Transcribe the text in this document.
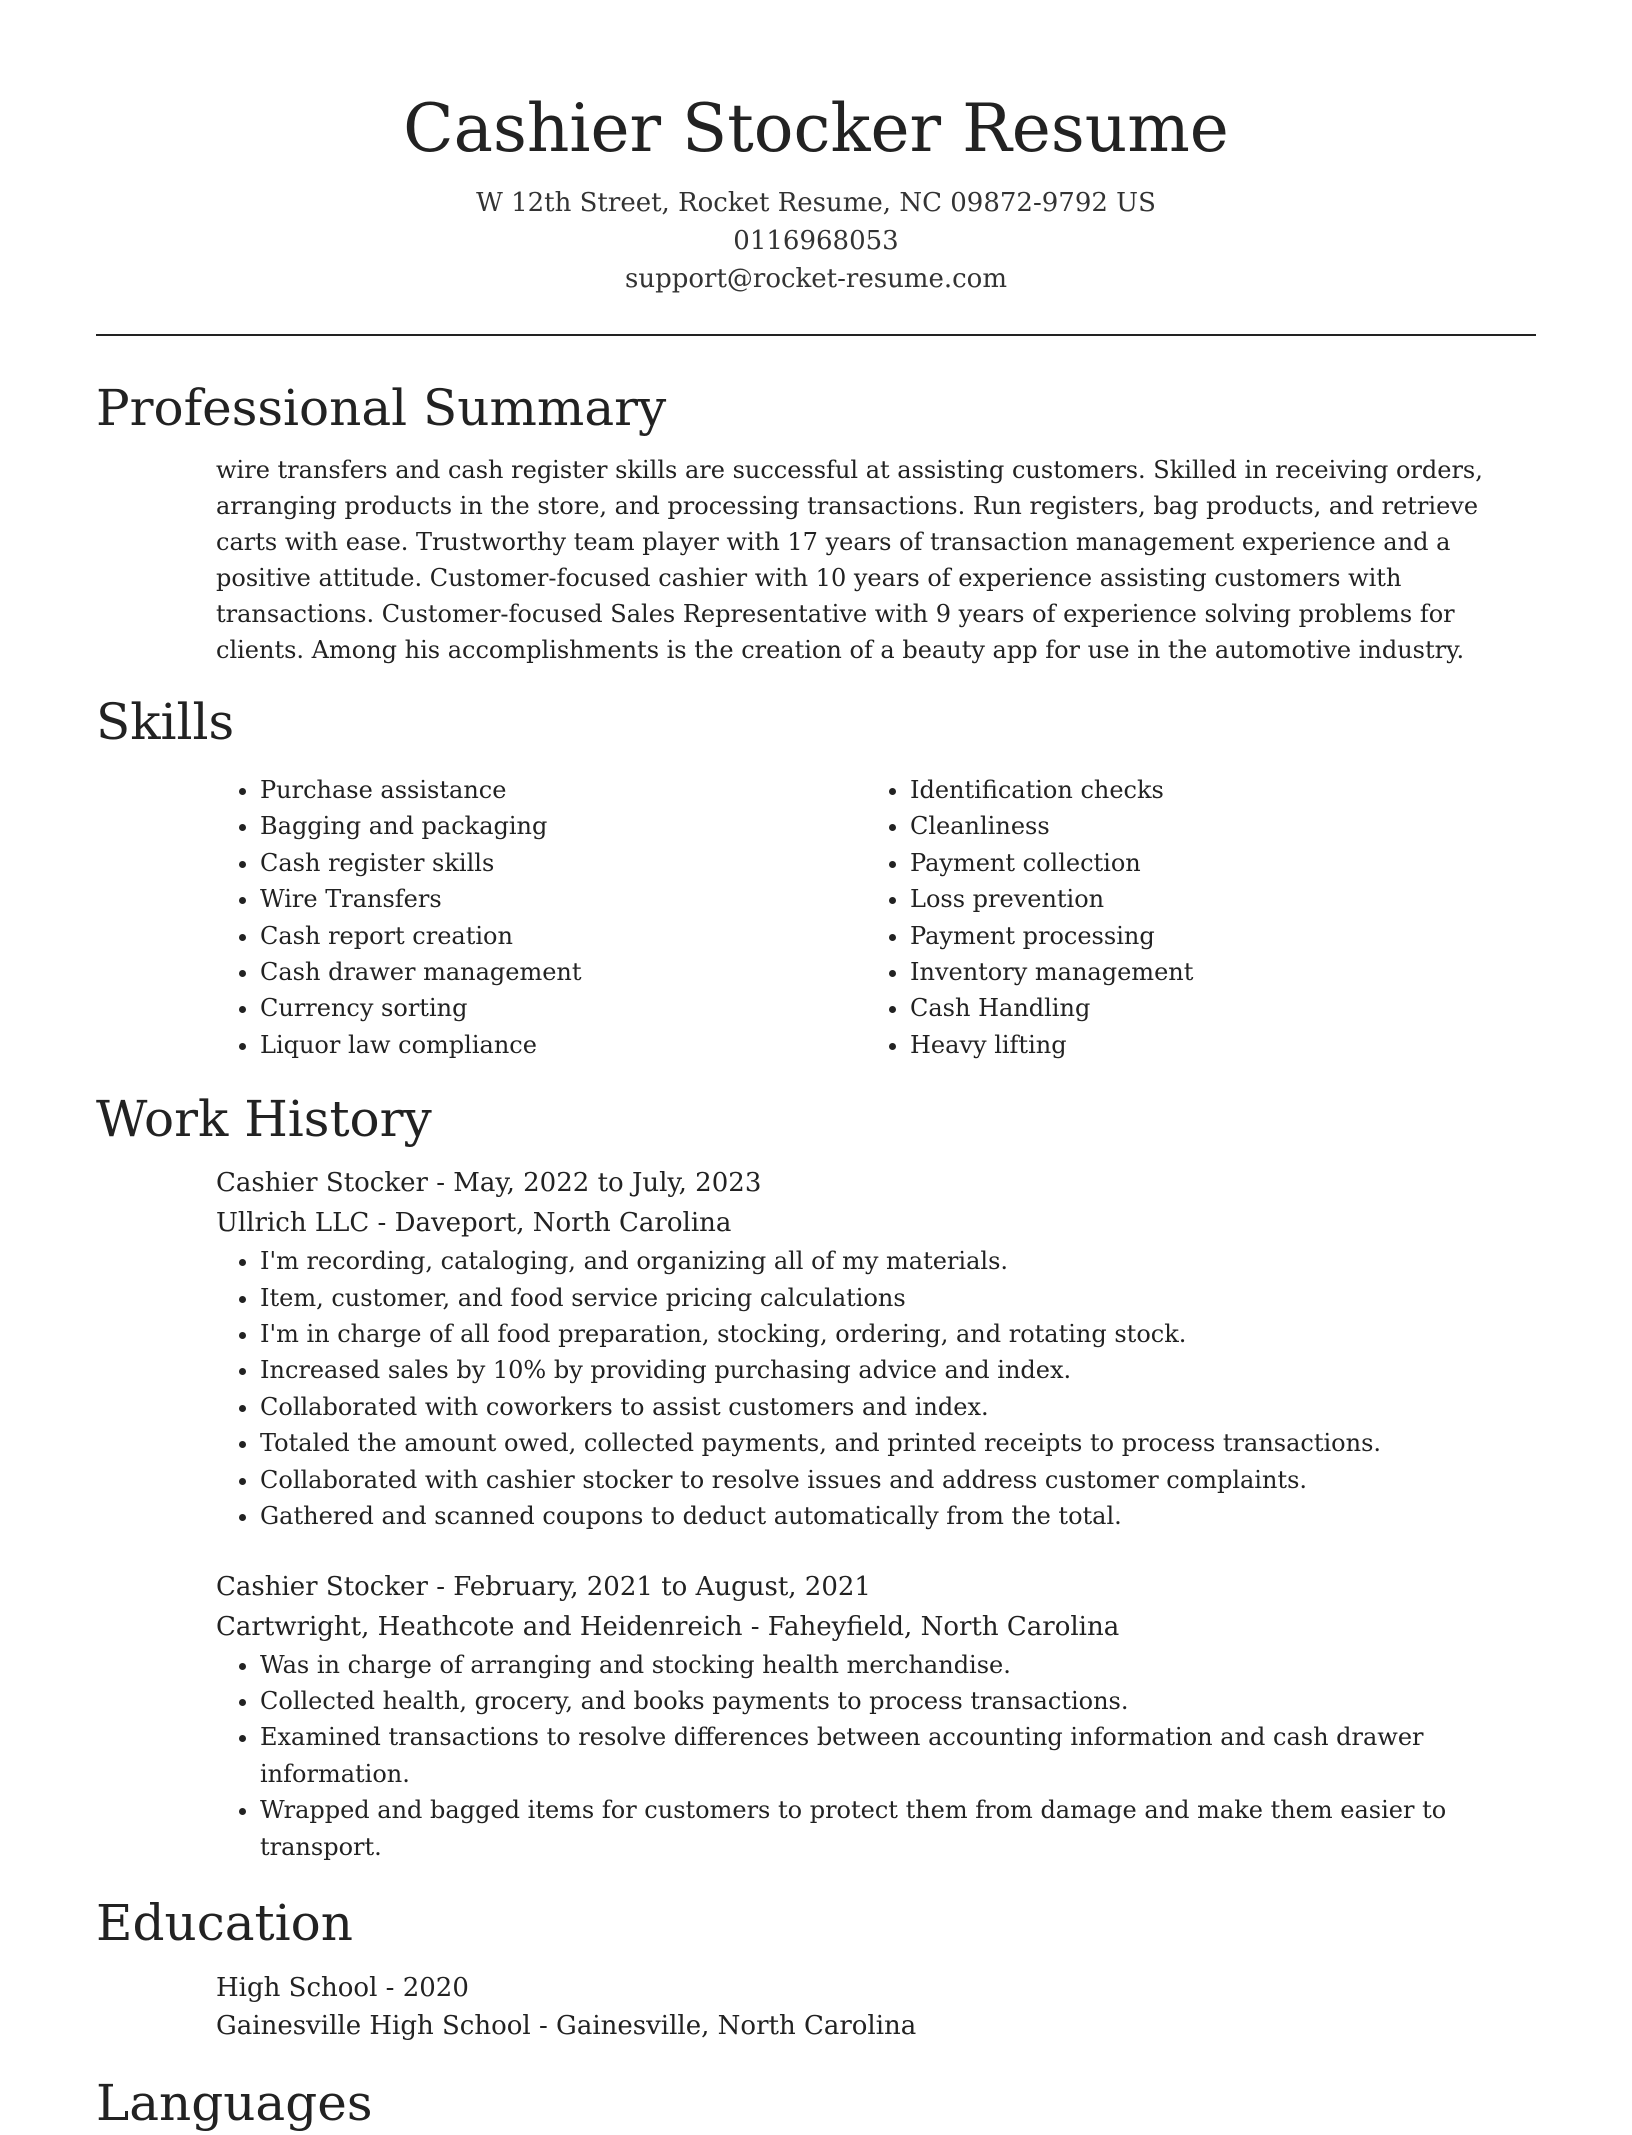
Cashier Stocker Resume
W 12th Street, Rocket Resume, NC 09872-9792 US
0116968053
support@rocket-resume.com
Professional Summary

wire transfers and cash register skills are successful at assisting customers. Skilled in receiving orders, arranging products in the store, and processing transactions. Run registers, bag products, and retrieve carts with ease. Trustworthy team player with 17 years of transaction management experience and a positive attitude. Customer-focused cashier with 10 years of experience assisting customers with transactions. Customer-focused Sales Representative with 9 years of experience solving problems for clients. Among his accomplishments is the creation of a beauty app for use in the automotive industry.

Skills
• Purchase assistance
• Bagging and packaging
• Cash register skills
• Wire Transfers
• Cash report creation
• Cash drawer management
• Currency sorting
• Liquor law compliance
• Identification checks
• Cleanliness
• Payment collection
• Loss prevention
• Payment processing
• Inventory management
• Cash Handling
• Heavy lifting
Work History
Cashier Stocker - May, 2022 to July, 2023
Ullrich LLC - Daveport, North Carolina
• I'm recording, cataloging, and organizing all of my materials.
• Item, customer, and food service pricing calculations
• I'm in charge of all food preparation, stocking, ordering, and rotating stock.
• Increased sales by 10% by providing purchasing advice and index.
• Collaborated with coworkers to assist customers and index.
• Totaled the amount owed, collected payments, and printed receipts to process transactions.
• Collaborated with cashier stocker to resolve issues and address customer complaints.
• Gathered and scanned coupons to deduct automatically from the total.
Cashier Stocker - February, 2021 to August, 2021
Cartwright, Heathcote and Heidenreich - Faheyfield, North Carolina
• Was in charge of arranging and stocking health merchandise.
• Collected health, grocery, and books payments to process transactions.
• Examined transactions to resolve differences between accounting information and cash drawer information.
• Wrapped and bagged items for customers to protect them from damage and make them easier to transport.
Education
High School - 2020
Gainesville High School - Gainesville, North Carolina
Languages
